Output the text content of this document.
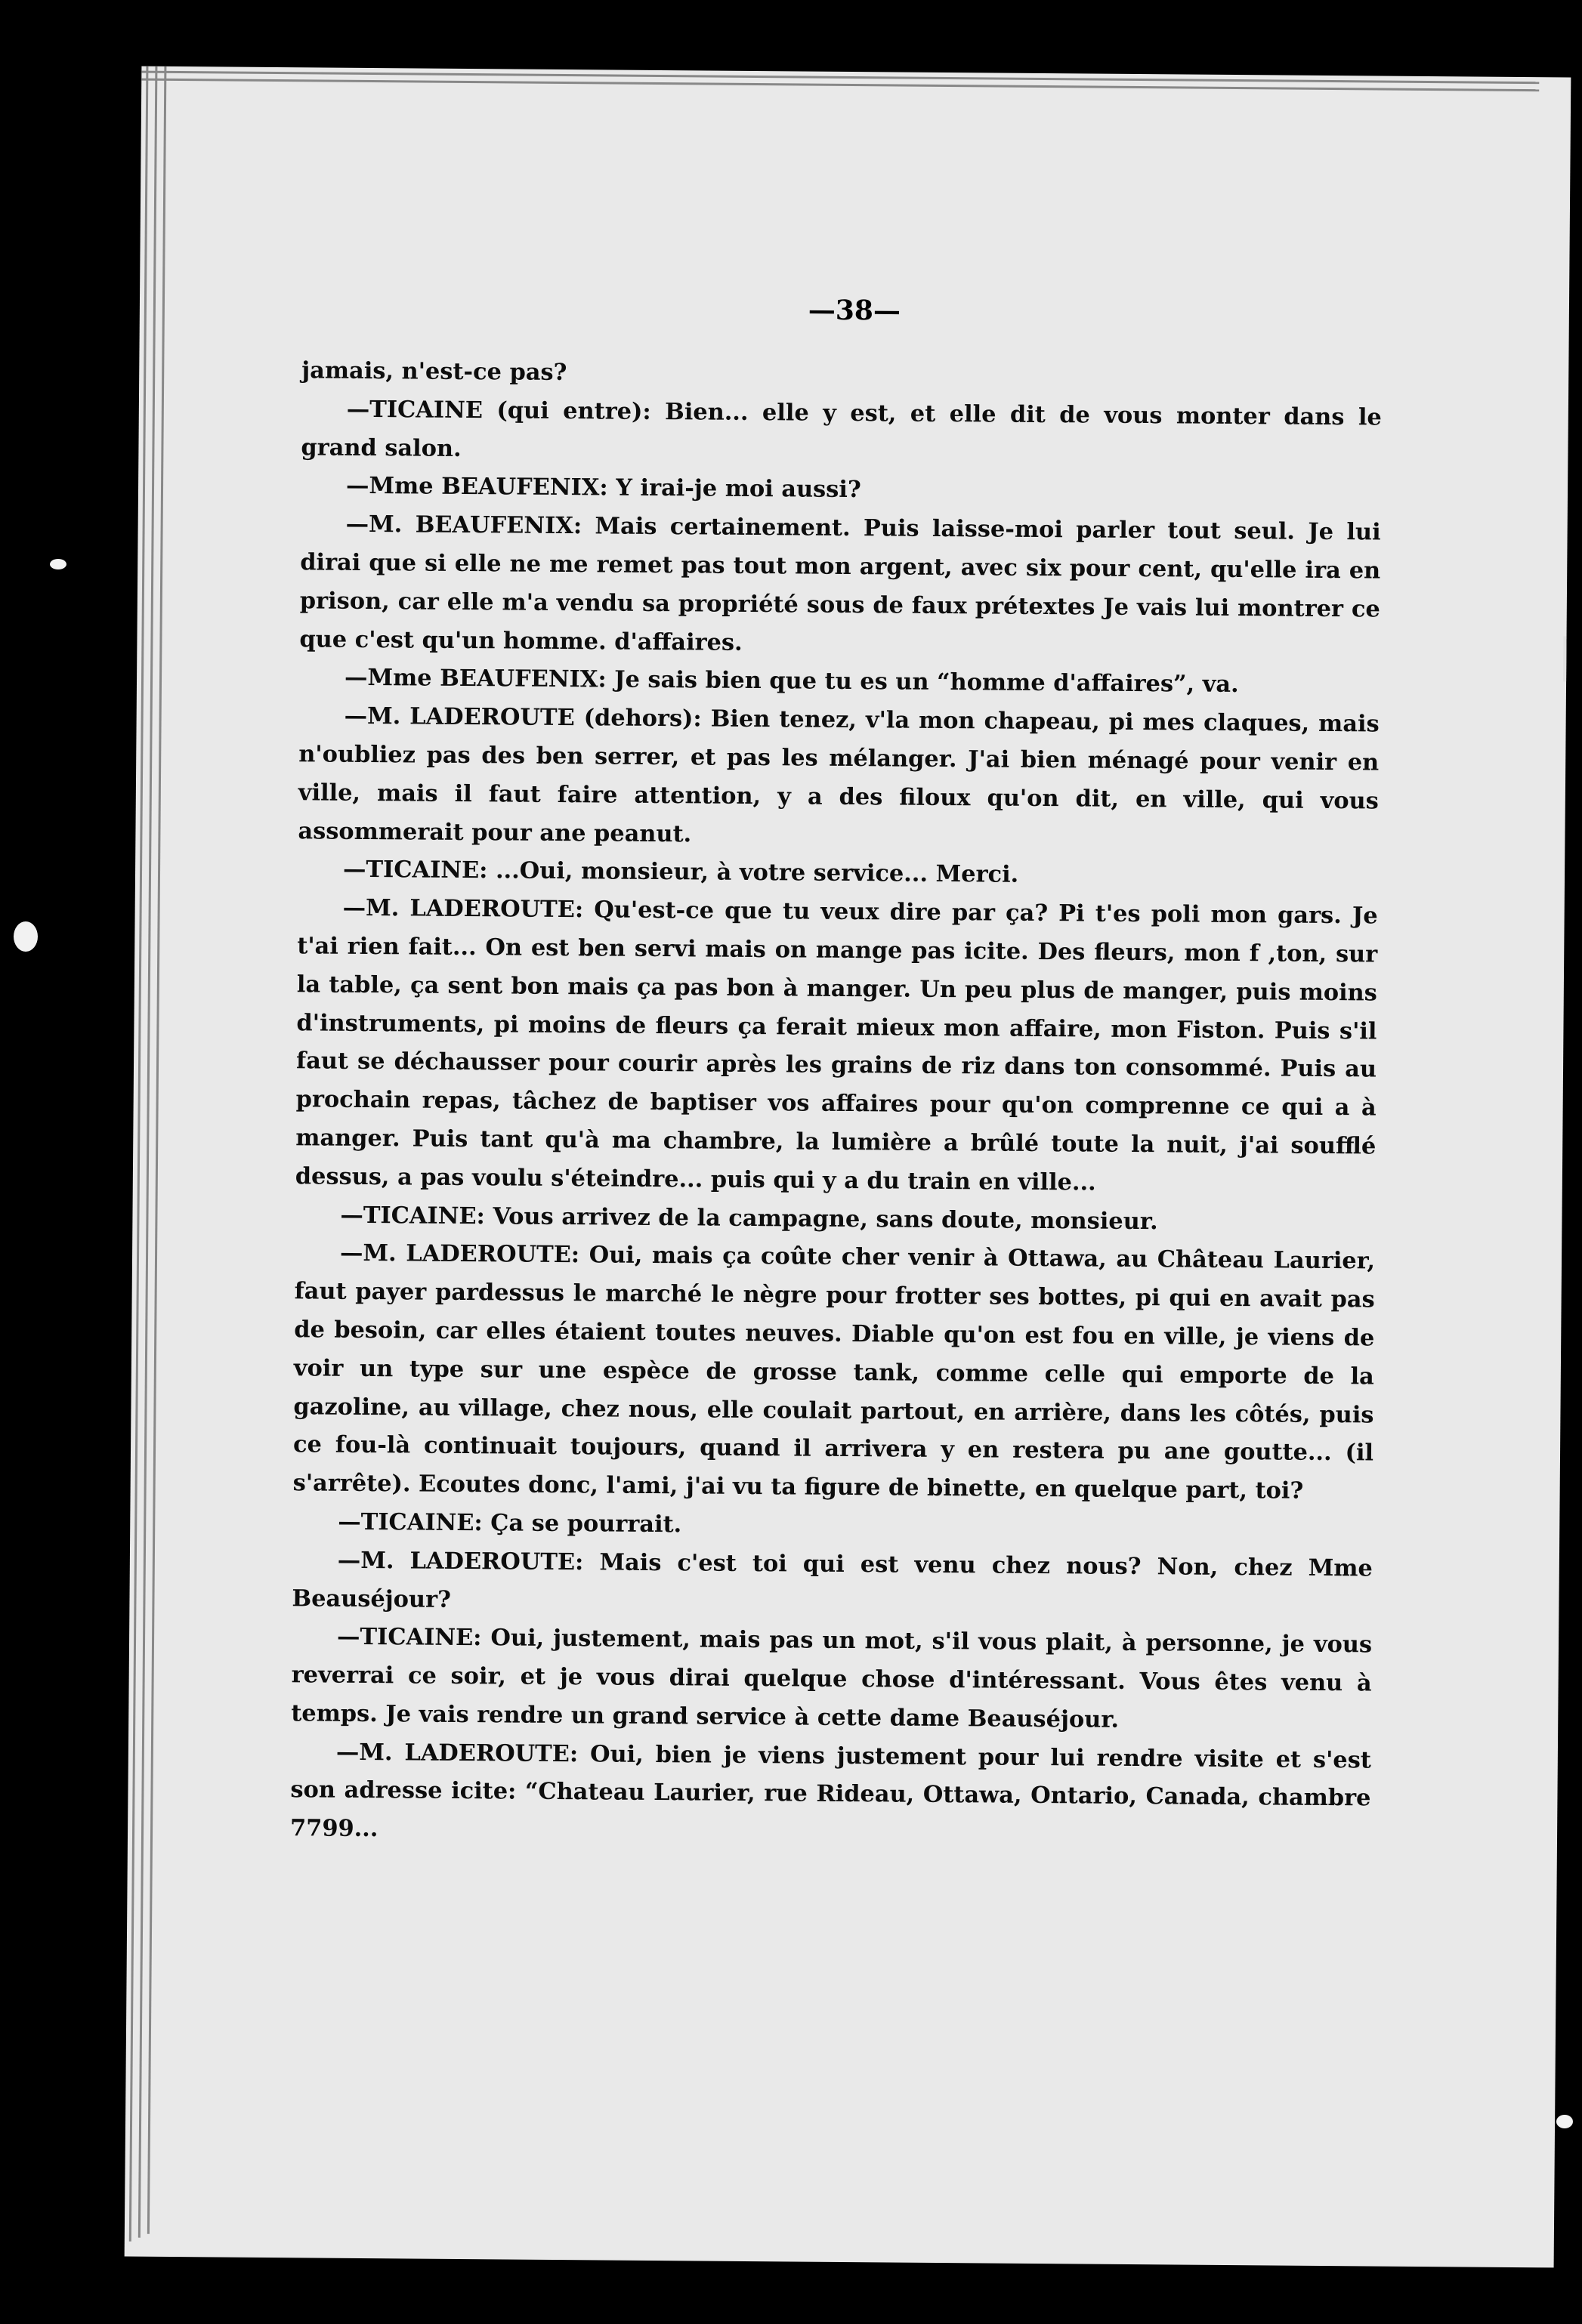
—38—

jamais, n'est-ce pas?

—TICAINE (qui entre): Bien... elle y est, et elle dit de vous monter dans le grand salon.

—Mme BEAUFENIX: Y irai-je moi aussi?

—M. BEAUFENIX: Mais certainement. Puis laisse-moi parler tout seul. Je lui dirai que si elle ne me remet pas tout mon argent, avec six pour cent, qu'elle ira en prison, car elle m'a vendu sa propriété sous de faux prétextes Je vais lui montrer ce que c'est qu'un homme. d'affaires.

—Mme BEAUFENIX: Je sais bien que tu es un “homme d'affaires”, va.

—M. LADEROUTE (dehors): Bien tenez, v'la mon chapeau, pi mes claques, mais n'oubliez pas des ben serrer, et pas les mélanger. J'ai bien ménagé pour venir en ville, mais il faut faire attention, y a des filoux qu'on dit, en ville, qui vous assommerait pour ane peanut.

—TICAINE: ...Oui, monsieur, à votre service... Merci.

—M. LADEROUTE: Qu'est-ce que tu veux dire par ça? Pi t'es poli mon gars. Je t'ai rien fait... On est ben servi mais on mange pas icite. Des fleurs, mon f ,ton, sur la table, ça sent bon mais ça pas bon à manger. Un peu plus de manger, puis moins d'instruments, pi moins de fleurs ça ferait mieux mon affaire, mon Fiston. Puis s'il faut se déchausser pour courir après les grains de riz dans ton consommé. Puis au prochain repas, tâchez de baptiser vos affaires pour qu'on comprenne ce qui a à manger. Puis tant qu'à ma chambre, la lumière a brûlé toute la nuit, j'ai soufflé dessus, a pas voulu s'éteindre... puis qui y a du train en ville...

—TICAINE: Vous arrivez de la campagne, sans doute, monsieur.

—M. LADEROUTE: Oui, mais ça coûte cher venir à Ottawa, au Château Laurier, faut payer pardessus le marché le nègre pour frotter ses bottes, pi qui en avait pas de besoin, car elles étaient toutes neuves. Diable qu'on est fou en ville, je viens de voir un type sur une espèce de grosse tank, comme celle qui emporte de la gazoline, au village, chez nous, elle coulait partout, en arrière, dans les côtés, puis ce fou-là continuait toujours, quand il arrivera y en restera pu ane goutte... (il s'arrête). Ecoutes donc, l'ami, j'ai vu ta figure de binette, en quelque part, toi?

—TICAINE: Ça se pourrait.

—M. LADEROUTE: Mais c'est toi qui est venu chez nous? Non, chez Mme Beauséjour?

—TICAINE: Oui, justement, mais pas un mot, s'il vous plait, à personne, je vous reverrai ce soir, et je vous dirai quelque chose d'intéressant. Vous êtes venu à temps. Je vais rendre un grand service à cette dame Beauséjour.

—M. LADEROUTE: Oui, bien je viens justement pour lui rendre visite et s'est son adresse icite: “Chateau Laurier, rue Rideau, Ottawa, Ontario, Canada, chambre 7799...
